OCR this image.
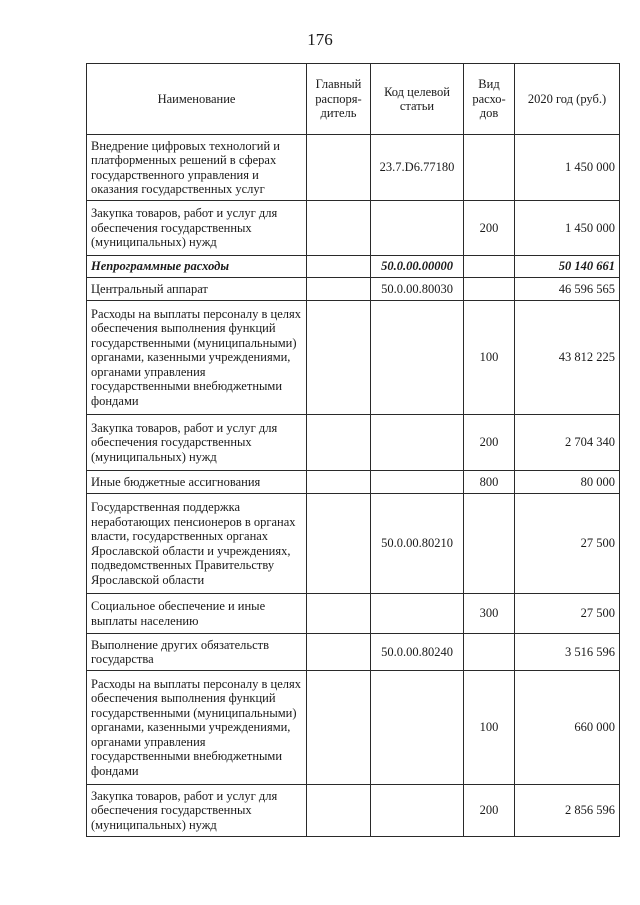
176
Наименование	Главный распоря-дитель	Код целевой статьи	Вид расхо-дов	2020 год (руб.)
Внедрение цифровых технологий и платформенных решений в сферах государственного управления и оказания государственных услуг		23.7.D6.77180		1 450 000
Закупка товаров, работ и услуг для обеспечения государственных (муниципальных) нужд			200	1 450 000
Непрограммные расходы		50.0.00.00000		50 140 661
Центральный аппарат		50.0.00.80030		46 596 565
Расходы на выплаты персоналу в целях обеспечения выполнения функций государственными (муниципальными) органами, казенными учреждениями, органами управления государственными внебюджетными фондами			100	43 812 225
Закупка товаров, работ и услуг для обеспечения государственных (муниципальных) нужд			200	2 704 340
Иные бюджетные ассигнования			800	80 000
Государственная поддержка неработающих пенсионеров в органах власти, государственных органах Ярославской области и учреждениях, подведомственных Правительству Ярославской области		50.0.00.80210		27 500
Социальное обеспечение и иные выплаты населению			300	27 500
Выполнение других обязательств государства		50.0.00.80240		3 516 596
Расходы на выплаты персоналу в целях обеспечения выполнения функций государственными (муниципальными) органами, казенными учреждениями, органами управления государственными внебюджетными фондами			100	660 000
Закупка товаров, работ и услуг для обеспечения государственных (муниципальных) нужд			200	2 856 596
